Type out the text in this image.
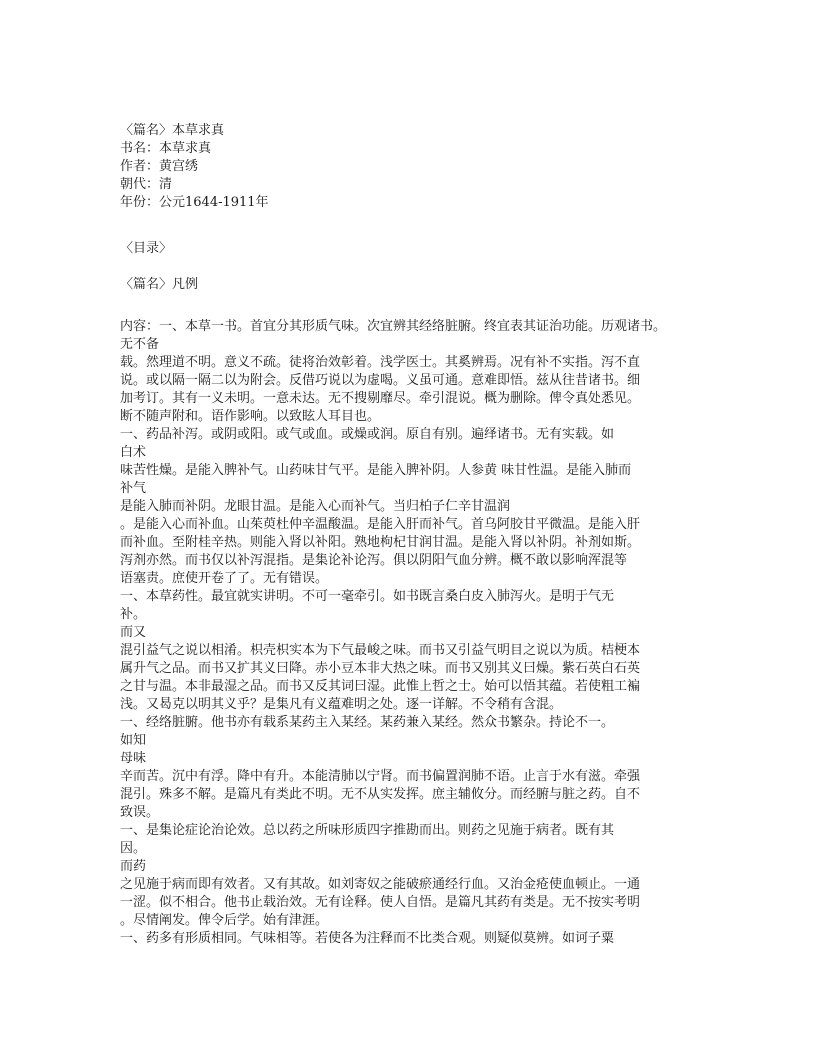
〈篇名〉本草求真
书名：本草求真
作者：黄宫绣
朝代：清
年份：公元1644-1911年
〈目录〉
〈篇名〉凡例
内容：一、本草一书。首宜分其形质气味。次宜辨其经络脏腑。终宜表其证治功能。历观诸书。
无不备
载。然理道不明。意义不疏。徒将治效彰着。浅学医士。其奚辨焉。况有补不实指。泻不直
说。或以隔一隔二以为附会。反借巧说以为虚喝。义虽可通。意难即悟。兹从往昔诸书。细
加考订。其有一义未明。一意未达。无不搜剔靡尽。牵引混说。概为删除。俾令真处悉见。
断不随声附和。语作影响。以致眩人耳目也。
一、药品补泻。或阴或阳。或气或血。或燥或润。原自有别。遍绎诸书。无有实载。如
白术
味苦性燥。是能入脾补气。山药味甘气平。是能入脾补阴。人参黄 味甘性温。是能入肺而
补气
是能入肺而补阴。龙眼甘温。是能入心而补气。当归柏子仁辛甘温润
。是能入心而补血。山茱萸杜仲辛温酸温。是能入肝而补气。首乌阿胶甘平微温。是能入肝
而补血。至附桂辛热。则能入肾以补阳。熟地枸杞甘润甘温。是能入肾以补阴。补剂如斯。
泻剂亦然。而书仅以补泻混指。是集论补论泻。俱以阴阳气血分辨。概不敢以影响浑混等
语塞责。庶使开卷了了。无有错误。
一、本草药性。最宜就实讲明。不可一毫牵引。如书既言桑白皮入肺泻火。是明于气无
补。
而又
混引益气之说以相淆。枳壳枳实本为下气最峻之味。而书又引益气明目之说以为质。桔梗本
属升气之品。而书又扩其义曰降。赤小豆本非大热之味。而书又别其义曰燥。紫石英白石英
之甘与温。本非最湿之品。而书又反其词曰湿。此惟上哲之士。始可以悟其蕴。若使粗工褊
浅。又曷克以明其义乎？是集凡有义蕴难明之处。逐一详解。不令稍有含混。
一、经络脏腑。他书亦有载系某药主入某经。某药兼入某经。然众书繁杂。持论不一。
如知
母味
辛而苦。沉中有浮。降中有升。本能清肺以宁肾。而书偏置润肺不语。止言于水有滋。牵强
混引。殊多不解。是篇凡有类此不明。无不从实发挥。庶主辅攸分。而经腑与脏之药。自不
致误。
一、是集论症论治论效。总以药之所味形质四字推勘而出。则药之见施于病者。既有其
因。
而药
之见施于病而即有效者。又有其故。如刘寄奴之能破瘀通经行血。又治金疮使血顿止。一通
一涩。似不相合。他书止载治效。无有诠释。使人自悟。是篇凡其药有类是。无不按实考明
。尽情阐发。俾令后学。始有津涯。
一、药多有形质相同。气味相等。若使各为注释而不比类合观。则疑似莫辨。如诃子粟
